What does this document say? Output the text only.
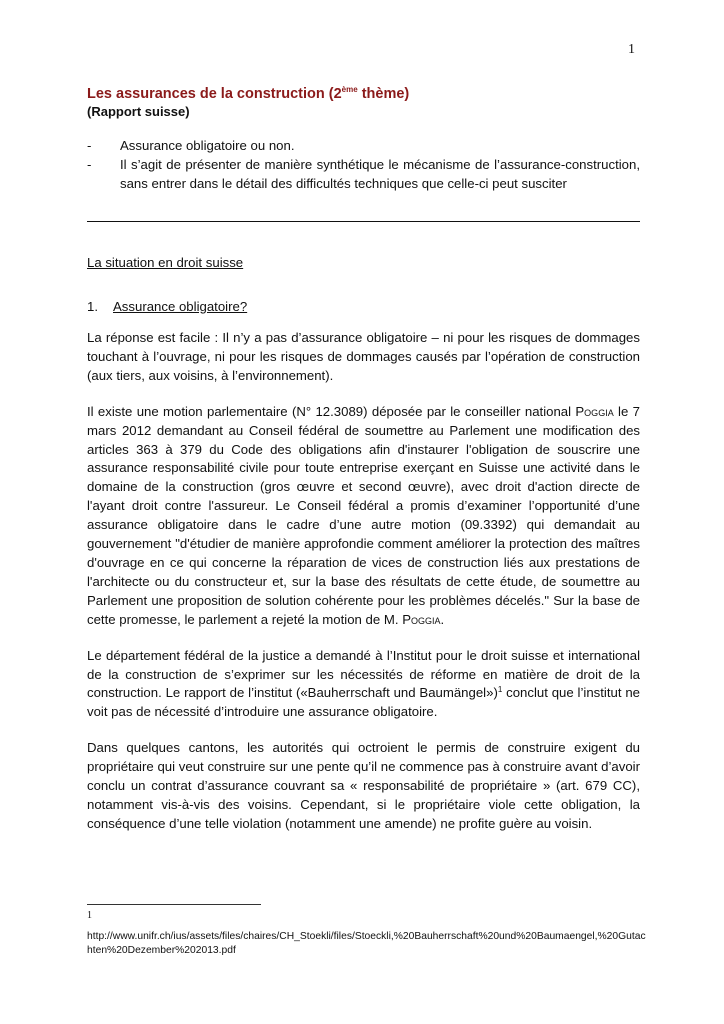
1

Les assurances de la construction (2ème thème)

(Rapport suisse)

- Assurance obligatoire ou non.
- Il s’agit de présenter de manière synthétique le mécanisme de l’assurance-construction, sans entrer dans le détail des difficultés techniques que celle-ci peut susciter
La situation en droit suisse
1. Assurance obligatoire?

La réponse est facile : Il n’y a pas d’assurance obligatoire – ni pour les risques de dommages touchant à l’ouvrage, ni pour les risques de dommages causés par l’opération de construction (aux tiers, aux voisins, à l’environnement).

Il existe une motion parlementaire (N° 12.3089) déposée par le conseiller national Poggia le 7 mars 2012 demandant au Conseil fédéral de soumettre au Parlement une modification des articles 363 à 379 du Code des obligations afin d'instaurer l'obligation de souscrire une assurance responsabilité civile pour toute entreprise exerçant en Suisse une activité dans le domaine de la construction (gros œuvre et second œuvre), avec droit d'action directe de l'ayant droit contre l'assureur. Le Conseil fédéral a promis d’examiner l’opportunité d’une assurance obligatoire dans le cadre d’une autre motion (09.3392) qui demandait au gouvernement "d'étudier de manière approfondie comment améliorer la protection des maîtres d'ouvrage en ce qui concerne la réparation de vices de construction liés aux prestations de l'architecte ou du constructeur et, sur la base des résultats de cette étude, de soumettre au Parlement une proposition de solution cohérente pour les problèmes décelés." Sur la base de cette promesse, le parlement a rejeté la motion de M. Poggia.

Le département fédéral de la justice a demandé à l’Institut pour le droit suisse et international de la construction de s’exprimer sur les nécessités de réforme en matière de droit de la construction. Le rapport de l’institut («Bauherrschaft und Baumängel»)$^1$ conclut que l’institut ne voit pas de nécessité d’introduire une assurance obligatoire.

Dans quelques cantons, les autorités qui octroient le permis de construire exigent du propriétaire qui veut construire sur une pente qu’il ne commence pas à construire avant d’avoir conclu un contrat d’assurance couvrant sa « responsabilité de propriétaire » (art. 679 CC), notamment vis-à-vis des voisins. Cependant, si le propriétaire viole cette obligation, la conséquence d’une telle violation (notamment une amende) ne profite guère au voisin.

1
http://www.unifr.ch/ius/assets/files/chaires/CH_Stoekli/files/Stoeckli,%20Bauherrschaft%20und%20Baumaengel,%20Gutachten%20Dezember%202013.pdf
